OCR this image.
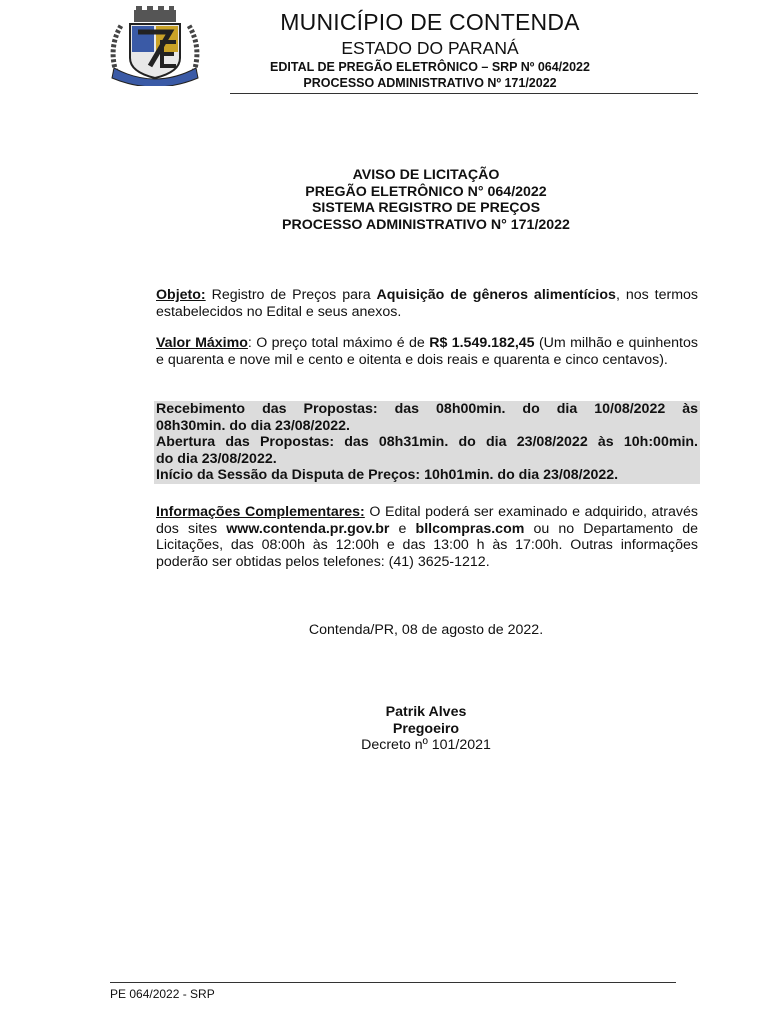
MUNICÍPIO DE CONTENDA
ESTADO DO PARANÁ
EDITAL DE PREGÃO ELETRÔNICO – SRP Nº 064/2022
PROCESSO ADMINISTRATIVO Nº 171/2022
AVISO DE LICITAÇÃO
PREGÃO ELETRÔNICO N° 064/2022
SISTEMA REGISTRO DE PREÇOS
PROCESSO ADMINISTRATIVO N° 171/2022
Objeto: Registro de Preços para Aquisição de gêneros alimentícios, nos termos estabelecidos no Edital e seus anexos.
Valor Máximo: O preço total máximo é de R$ 1.549.182,45 (Um milhão e quinhentos e quarenta e nove mil e cento e oitenta e dois reais e quarenta e cinco centavos).
Recebimento das Propostas: das 08h00min. do dia 10/08/2022 às
08h30min. do dia 23/08/2022.
Abertura das Propostas: das 08h31min. do dia 23/08/2022 às 10h:00min.
do dia 23/08/2022.
Início da Sessão da Disputa de Preços: 10h01min. do dia 23/08/2022.
Informações Complementares: O Edital poderá ser examinado e adquirido, através dos sites www.contenda.pr.gov.br e bllcompras.com ou no Departamento de Licitações, das 08:00h às 12:00h e das 13:00 h às 17:00h. Outras informações poderão ser obtidas pelos telefones: (41) 3625-1212.
Contenda/PR, 08 de agosto de 2022.
Patrik Alves
Pregoeiro
Decreto nº 101/2021
PE 064/2022 - SRP
